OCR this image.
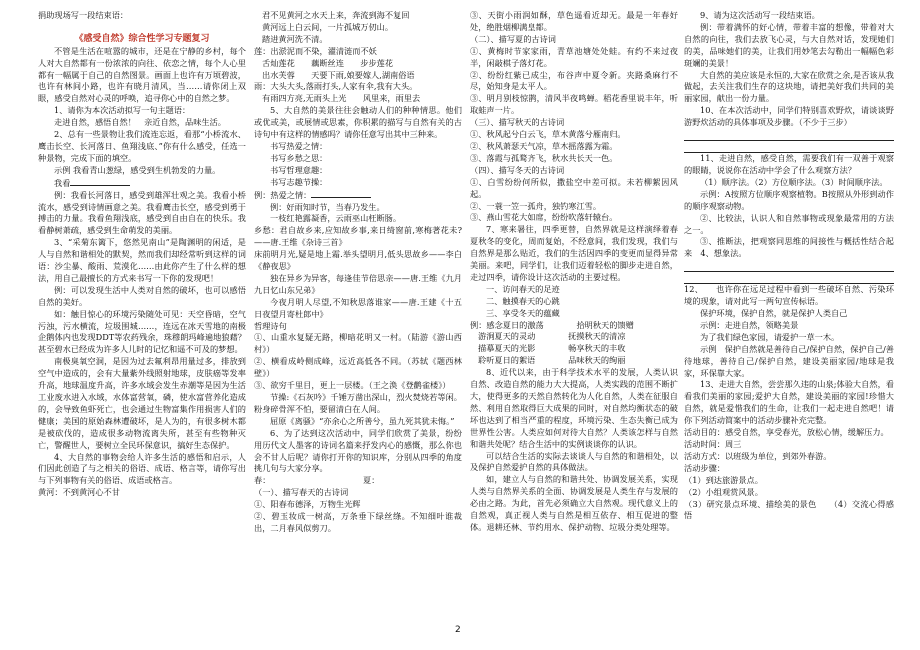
捐助现场写一段结束语：

《感受自然》综合性学习专题复习

不管是生活在喧嚣的城市，还是在宁静的乡村，每个人对大自然都有一份浓浓的向往、依恋之情，每个人心里都有一幅属于自己的自然图景。画面上也许有万顷碧波，也许有林间小路，也许有晓月清风，当……请你闭上双眼，感受自然对心灵的呼唤，追寻你心中的自然之梦。

1、请你为本次活动拟写一句主题语：

走进自然，感悟自然！　亲近自然，品味生活。

2、总有一些景物让我们流连忘返，看那“小桥流水、鹰击长空、长河落日、鱼翔浅底、”你有什么感受，任选一种景物，完成下面的填空。

示例 我看青山葱绿，感受到生机勃发的力量。

我看

例：我看长河落日，感受到雄浑壮观之美。我看小桥流水，感受到诗情画意之美。我看鹰击长空，感受到勇于搏击的力量。我看鱼翔浅底，感受到自由自在的快乐。我看静树萧疏，感受到生命萌发的美丽。

3、“采菊东篱下，悠然见南山”是陶渊明的闲适，是人与自然和谐相处的默契，然而我们却经常听到这样的词语：沙尘暴、酸雨、荒漠化……由此你产生了什么样的想法，用自己最擅长的方式来书写一下你的发现吧！

例：可以发现生活中人类对自然的破坏，也可以感悟自然的美好。

如：触目惊心的环境污染随处可见：天空昏暗，空气污浊，污水横流，垃圾围城……，连远在冰天雪地的南极企鹅体内也发现DDT等农药残余，珠穆朗玛峰遍地狼藉？甚至碧水已经成为许多人儿时的记忆和遥不可及的梦想。

南极臭氧空洞，是因为过去氟利昂用量过多，排放到空气中造成的，会有大量紫外线照射地球，皮肤癌等发率升高，地球温度升高，许多水域会发生赤潮等是因为生活工业废水进入水域，水体富营氧，磷，使水富营养化造成的，会导致鱼虾死亡，也会通过生物富集作用损害人们的健康；美国的原始森林遭破坏，是人为的，有很多树木都是被砍伐的，造成很多动物流离失所，甚至有些物种灭亡，警醒世人，要树立全民环保意识，搞好生态保护。

4、大自然的事物会给人许多生活的感悟和启示，人们因此创造了与之相关的俗语、成语、格言等，请你写出与下列事物有关的俗语、成语或格言。

黄河：不到黄河心不甘

君不见黄河之水天上来，奔流到海不复回

黄河远上白云间，一片孤城万仞山。

踏进黄河洗不清。

莲：出淤泥而不染，濯清涟而不妖

舌灿莲花　　藕断丝连　　步步莲花

出水芙蓉　　天要下雨,娘要嫁人,湖南俗语

雨：大头大头,落雨打头,人家有伞,我有大头。

有雨四方亮,无雨头上光　　风里来，雨里去

5、大自然的美景往往会触动人们的种种情思。他们或优或美，或展情或思素，你积累的描写与自然有关的古诗句中有这样的情感吗？请你任意写出其中三种来。

书写热爱之情：

书写乡愁之思：

书写哲理意趣：

书写志趣节操：

例：热爱之情：

例：好雨知时节，当春乃发生。

一枝红艳露凝香，云雨巫山枉断肠。

乡愁：君自故乡来,应知故乡事,来日绮窗前,寒梅著花未?——唐.王维《杂诗三首》

床前明月光,疑是地上霜.举头望明月,低头思故乡——李白《静夜思》

独在异乡为异客，每逢佳节倍思亲——唐.王维《九月九日忆山东兄弟》

今夜月明人尽望,不知秋思落谁家——唐.王建《十五日夜望月寄杜郎中》

哲理诗句

①、山重水复疑无路，柳暗花明又一村。（陆游《游山西村》）

②、横看成岭侧成峰，远近高低各不同。（苏轼《题西林壁》）

③、欲穷千里目，更上一层楼。（王之涣《登鹳雀楼》）

节操:《石灰吟》千锤万凿出深山，烈火焚烧若等闲。粉身碎骨浑不怕，要留清白在人间。

屈原《离骚》“亦余心之所善兮，虽九死其犹未悔。”

6、为了达到这次活动中，同学们欣赏了美景，纷纷用历代文人墨客的诗词名篇来抒发内心的感慨，那么你也会不甘人后呢？请你打开你的知识库，分别从四季的角度挑几句与大家分享。

春：	夏：

（一）、描写春天的古诗词

①、阳春布德泽，万物生光辉

②、碧玉妆成一树高，万条垂下绿丝绦。不知细叶谁裁出，二月春风似剪刀。

③、天街小雨润如酥，草色遥看近却无。最是一年春好处，绝胜烟柳满皇都。

（二）、描写夏的古诗词

①、黄梅时节家家雨，青草池塘处处蛙。有约不来过夜半，闲敲棋子落灯花。

②、纷纷红紫已成尘，布谷声中夏令新。夹路桑麻行不尽，始知身是太平人。

③、明月别枝惊鹊，清风半夜鸣蝉。稻花香里说丰年，听取蛙声一片。

（三）、描写秋天的古诗词

①、秋风起兮白云飞，草木黄落兮雁南归。

②、秋风萧瑟天气凉，草木摇落露为霜。

③、落霞与孤鹜齐飞，秋水共长天一色。

（四）、描写冬天的古诗词

①、白雪纷纷何所似，撒盐空中差可拟。未若柳絮因风起。

②、一蓑一笠一孤舟，独钓寒江雪。

③、燕山雪花大如席，纷纷吹落轩辕台。

7、寒来暑往，四季更替，自然界就是这样演绎着春夏秋冬的变化，周而复始，不经意间，我们发现，我们与自然界是那么贴近，我们的生活因四季的变更而显得异常美丽。来吧，同学们，让我们迈着轻松的脚步走进自然，走过四季，请你设计这次活动的主要过程。

一、访问春天的足迹

二、触摸春天的心跳

三、享受冬天的蕴藏

例：感念夏日的激荡　　　　拾明秋天的馈赠

游涧夏天的灵动　　　　抚摸秋天的清凉

描摹夏天的光影　　　　畅享秋天的丰收

聆听夏日的絮语　　　　品味秋天的绚丽

8、近代以来，由于科学技术水平的发展，人类认识自然、改造自然的能力大大提高，人类实践的范围不断扩大，使得更多的天然自然转化为人化自然，人类在征服自然、利用自然取得巨大成果的同时，对自然均衡状态的破坏也达到了相当严重的程度，环境污染、生态失衡已成为世界性公害。人类应如何对待大自然？人类该怎样与自然和谐共处呢？结合生活中的实例谈谈你的认识。

可以结合生活的实际去谈谈人与自然的和谐相处，以及保护自然爱护自然的具体做法。

如，建立人与自然的和谐共处、协调发展关系，实现人类与自然界关系的全面、协调发展是人类生存与发展的必由之路。为此，首先必须确立大自然观。现代意义上的自然观，真正视人类与自然是相互依存、相互促进的整体。退耕还林、节约用水、保护动物、垃圾分类处理等。

9、请为这次活动写一段结束语。

例：带着满怀的好心情，带着丰富的想像，带着对大自然的向往，我们去放飞心灵，与大自然对话，发现她们的美，品味她们的美，让我们用妙笔去勾勒出一幅幅色彩斑斓的美景！

大自然的美应该是永恒的,大家在欣赏之余,是否该从我做起，去关注我们生存的这块地，请把美好我们共同的美丽家园，献出一份力量。

10、在本次活动中，同学们特别喜欢野炊，请谈谈野游野炊活动的具体事项及步骤。（不少于三步）

11、走进自然，感受自然，需要我们有一双善于观察的眼睛，说说你在活动中学会了什么观察方法？

（1）顺序法。（2）方位顺序法。（3）时间顺序法。

示例：A按照方位顺序观察植物。B按照从外形到动作的顺序观察动物。

②、比较法，认识人和自然事物或现象最常用的方法之一。

③、推断法，把观察同思维的间接性与概括性结合起来　4、想象法。

12、　　也许你在远足过程中看到一些破坏自然、污染环境的现象，请对此写一两句宣传标语。

保护环境，保护自然，就是保护人类自己

示例：走进自然，领略美景

为了我们绿色家园，请爱护一草一木。

示例　保护自然就是善待自己/保护自然，保护自己/善待地球，善待自己/保护自然，建设美丽家园/地球是我家，环保靠大家。

13、走进大自然，尝尝那久违的山泉;体验大自然，看看我们美丽的家园;爱护大自然，建设美丽的家园!珍惜大自然，就是爱惜我们的生命，让我们一起走进自然吧！请你下列活动简案中的活动步骤补充完整。

活动目的：感受自然，享受春光，放松心情，缓解压力。

活动时间：周三

活动方式：以班级为单位，到郊外春游。

活动步骤：

（1）到达旅游景点。

（2）小组观赏风景。

（3）研究景点环境、描绘美的景色　　（4）交流心得感悟

2
